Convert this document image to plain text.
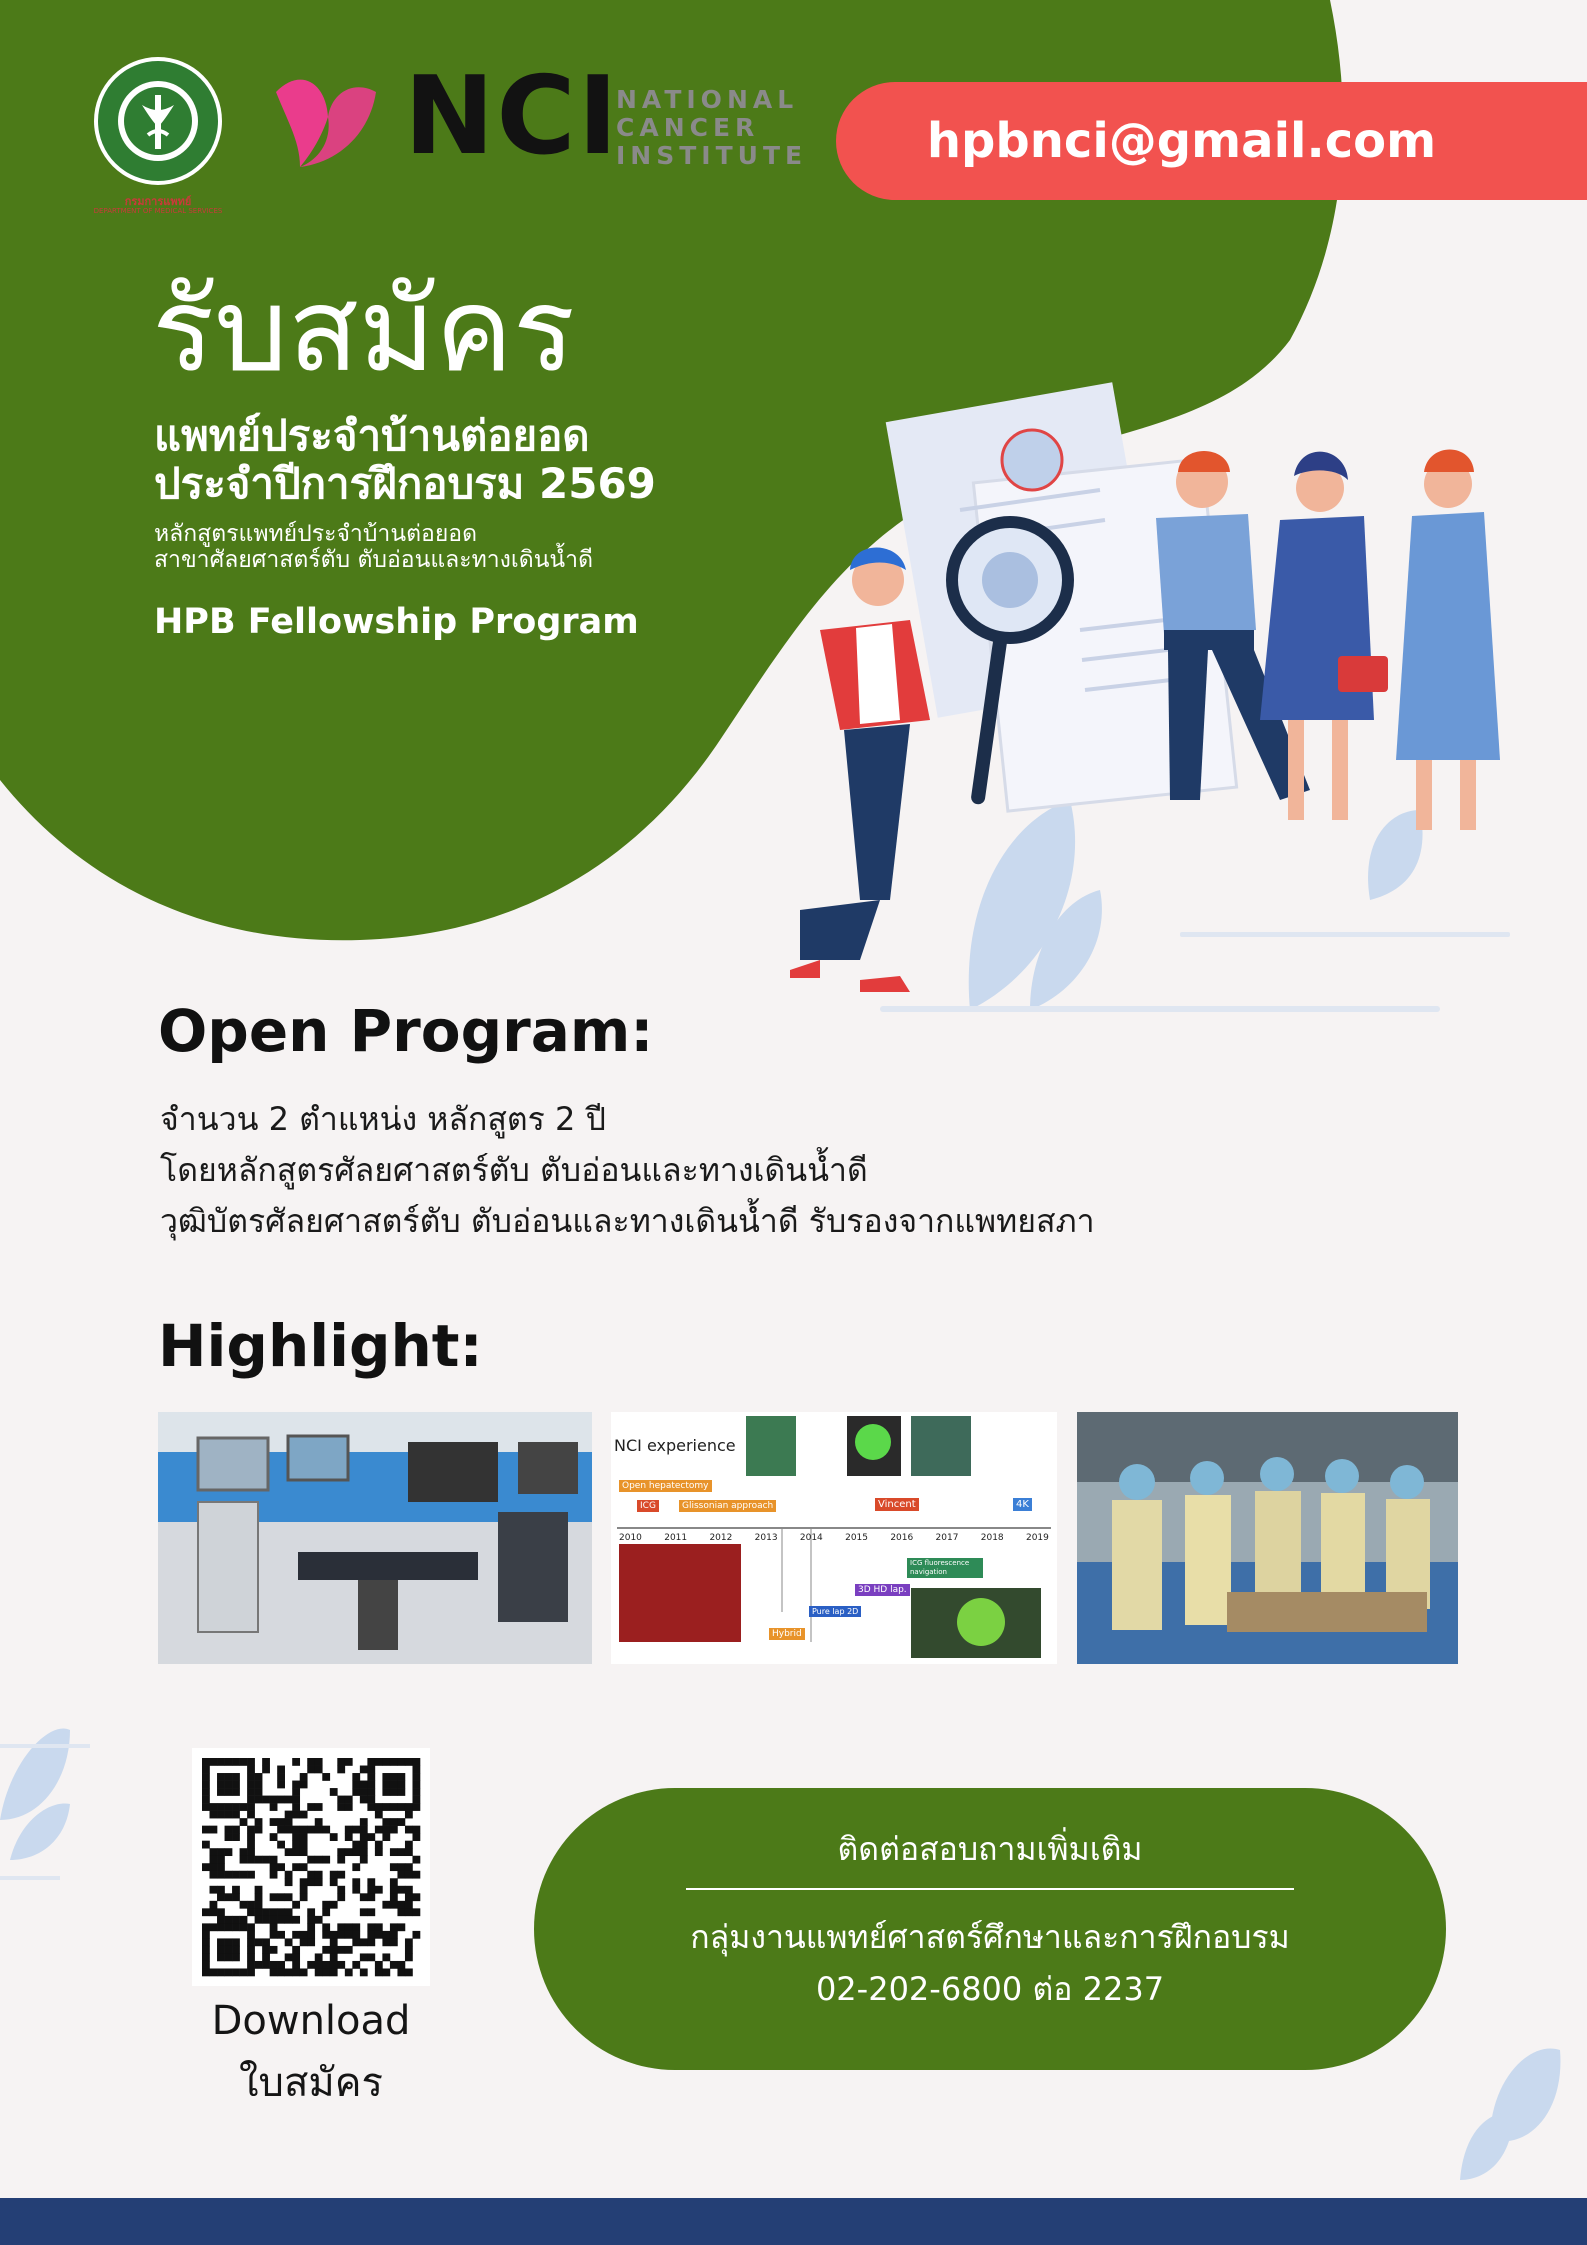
กรมการแพทย์
DEPARTMENT OF MEDICAL SERVICES
NCI
NATIONAL
CANCER
INSTITUTE hpbnci@gmail.com
รับสมัคร
แพทย์ประจำบ้านต่อยอด
ประจำปีการฝึกอบรม 2569
หลักสูตรแพทย์ประจำบ้านต่อยอด
สาขาศัลยศาสตร์ตับ ตับอ่อนและทางเดินน้ำดี
HPB Fellowship Program
Open Program:
จำนวน 2 ตำแหน่ง หลักสูตร 2 ปี
โดยหลักสูตรศัลยศาสตร์ตับ ตับอ่อนและทางเดินน้ำดี
วุฒิบัตรศัลยศาสตร์ตับ ตับอ่อนและทางเดินน้ำดี รับรองจากแพทยสภา
Highlight:
NCI experience
Open hepatectomy
ICG	Glissonian approach	Vincent	4K
2010 2011 2012 2013 2014 2015 2016 2017 2018 2019
ICG fluorescence navigation
3D HD lap.
Pure lap 2D
Hybrid
Download
ใบสมัคร
ติดต่อสอบถามเพิ่มเติม
กลุ่มงานแพทย์ศาสตร์ศึกษาและการฝึกอบรม
02-202-6800 ต่อ 2237
